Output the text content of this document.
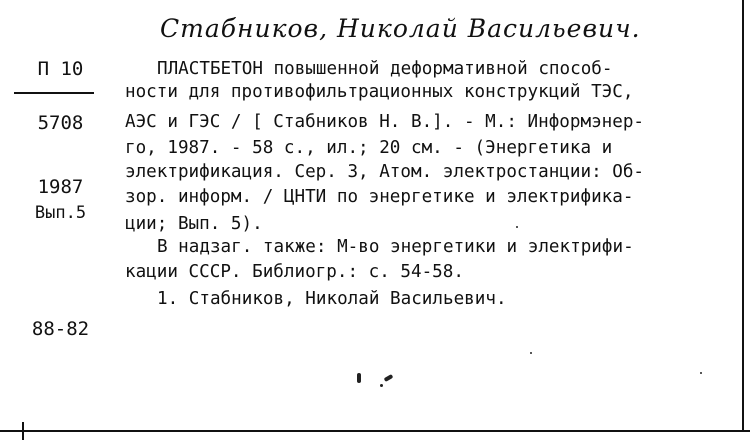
Стабников, Николай Васильевич.
П 10
5708
1987
Вып.5
88-82
ПЛАСТБЕТОН повышенной деформативной способ-
ности для противофильтрационных конструкций ТЭС,
АЭС и ГЭС / [ Стабников Н. В.]. - М.: Информэнер-
го, 1987. - 58 с., ил.; 20 см. - (Энергетика и
электрификация. Сер. 3, Атом. электростанции: Об-
зор. информ. / ЦНТИ по энергетике и электрифика-
ции; Вып. 5).
В надзаг. также: М-во энергетики и электрифи-
кации СССР. Библиогр.: с. 54-58.
1. Стабников, Николай Васильевич.
